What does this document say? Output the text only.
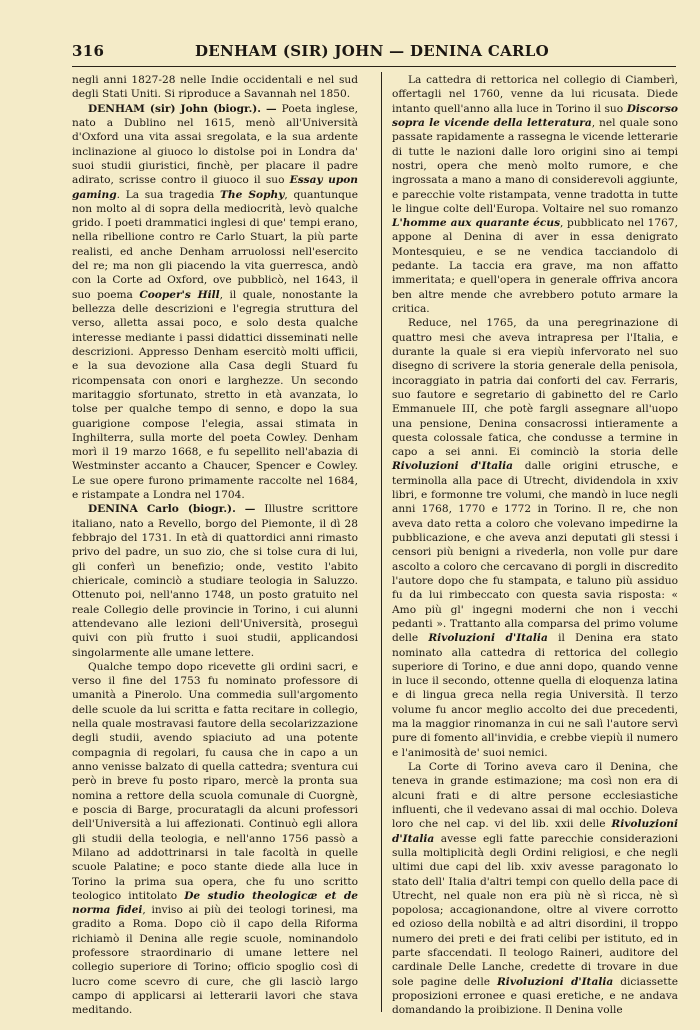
316	DENHAM (SIR) JOHN — DENINA CARLO

negli anni 1827-28 nelle Indie occidentali e nel sud degli Stati Uniti. Si riproduce a Savannah nel 1850.

DENHAM (sir) John (biogr.). — Poeta inglese, nato a Dublino nel 1615, menò all'Università d'Oxford una vita assai sregolata, e la sua ardente inclinazione al giuoco lo distolse poi in Londra da' suoi studii giuristici, finchè, per placare il padre adirato, scrisse contro il giuoco il suo Essay upon gaming. La sua tragedia The Sophy, quantunque non molto al di sopra della mediocrità, levò qualche grido. I poeti drammatici inglesi di que' tempi erano, nella ribellione contro re Carlo Stuart, la più parte realisti, ed anche Denham arruolossi nell'esercito del re; ma non gli piacendo la vita guerresca, andò con la Corte ad Oxford, ove pubblicò, nel 1643, il suo poema Cooper's Hill, il quale, nonostante la bellezza delle descrizioni e l'egregia struttura del verso, alletta assai poco, e solo desta qualche interesse mediante i passi didattici disseminati nelle descrizioni. Appresso Denham esercitò molti ufficii, e la sua devozione alla Casa degli Stuard fu ricompensata con onori e larghezze. Un secondo maritaggio sfortunato, stretto in età avanzata, lo tolse per qualche tempo di senno, e dopo la sua guarigione compose l'elegia, assai stimata in Inghilterra, sulla morte del poeta Cowley. Denham morì il 19 marzo 1668, e fu sepellito nell'abazia di Westminster accanto a Chaucer, Spencer e Cowley. Le sue opere furono primamente raccolte nel 1684, e ristampate a Londra nel 1704.

DENINA Carlo (biogr.). — Illustre scrittore italiano, nato a Revello, borgo del Piemonte, il dì 28 febbrajo del 1731. In età di quattordici anni rimasto privo del padre, un suo zio, che si tolse cura di lui, gli conferì un benefizio; onde, vestito l'abito chiericale, cominciò a studiare teologia in Saluzzo. Ottenuto poi, nell'anno 1748, un posto gratuito nel reale Collegio delle provincie in Torino, i cui alunni attendevano alle lezioni dell'Università, proseguì quivi con più frutto i suoi studii, applicandosi singolarmente alle umane lettere.

Qualche tempo dopo ricevette gli ordini sacri, e verso il fine del 1753 fu nominato professore di umanità a Pinerolo. Una commedia sull'argomento delle scuole da lui scritta e fatta recitare in collegio, nella quale mostravasi fautore della secolarizzazione degli studii, avendo spiaciuto ad una potente compagnia di regolari, fu causa che in capo a un anno venisse balzato di quella cattedra; sventura cui però in breve fu posto riparo, mercè la pronta sua nomina a rettore della scuola comunale di Cuorgnè, e poscia di Barge, procuratagli da alcuni professori dell'Università a lui affezionati. Continuò egli allora gli studii della teologia, e nell'anno 1756 passò a Milano ad addottrinarsi in tale facoltà in quelle scuole Palatine; e poco stante diede alla luce in Torino la prima sua opera, che fu uno scritto teologico intitolato De studio theologicæ et de norma fidei, inviso ai più dei teologi torinesi, ma gradito a Roma. Dopo ciò il capo della Riforma richiamò il Denina alle regie scuole, nominandolo professore straordinario di umane lettere nel collegio superiore di Torino; officio spoglio così di lucro come scevro di cure, che gli lasciò largo campo di applicarsi ai letterarii lavori che stava meditando.

La cattedra di rettorica nel collegio di Ciamberì, offertagli nel 1760, venne da lui ricusata. Diede intanto quell'anno alla luce in Torino il suo Discorso sopra le vicende della letteratura, nel quale sono passate rapidamente a rassegna le vicende letterarie di tutte le nazioni dalle loro origini sino ai tempi nostri, opera che menò molto rumore, e che ingrossata a mano a mano di considerevoli aggiunte, e parecchie volte ristampata, venne tradotta in tutte le lingue colte dell'Europa. Voltaire nel suo romanzo L'homme aux quarante écus, pubblicato nel 1767, appone al Denina di aver in essa denigrato Montesquieu, e se ne vendica tacciandolo di pedante. La taccia era grave, ma non affatto immeritata; e quell'opera in generale offriva ancora ben altre mende che avrebbero potuto armare la critica.

Reduce, nel 1765, da una peregrinazione di quattro mesi che aveva intrapresa per l'Italia, e durante la quale si era viepiù infervorato nel suo disegno di scrivere la storia generale della penisola, incoraggiato in patria dai conforti del cav. Ferraris, suo fautore e segretario di gabinetto del re Carlo Emmanuele III, che potè fargli assegnare all'uopo una pensione, Denina consacrossi intieramente a questa colossale fatica, che condusse a termine in capo a sei anni. Ei cominciò la storia delle Rivoluzioni d'Italia dalle origini etrusche, e terminolla alla pace di Utrecht, dividendola in xxiv libri, e formonne tre volumi, che mandò in luce negli anni 1768, 1770 e 1772 in Torino. Il re, che non aveva dato retta a coloro che volevano impedirne la pubblicazione, e che aveva anzi deputati gli stessi i censori più benigni a rivederla, non volle pur dare ascolto a coloro che cercavano di porgli in discredito l'autore dopo che fu stampata, e taluno più assiduo fu da lui rimbeccato con questa savia risposta: « Amo più gl' ingegni moderni che non i vecchi pedanti ». Trattanto alla comparsa del primo volume delle Rivoluzioni d'Italia il Denina era stato nominato alla cattedra di rettorica del collegio superiore di Torino, e due anni dopo, quando venne in luce il secondo, ottenne quella di eloquenza latina e di lingua greca nella regia Università. Il terzo volume fu ancor meglio accolto dei due precedenti, ma la maggior rinomanza in cui ne salì l'autore servì pure di fomento all'invidia, e crebbe viepiù il numero e l'animosità de' suoi nemici.

La Corte di Torino aveva caro il Denina, che teneva in grande estimazione; ma così non era di alcuni frati e di altre persone ecclesiastiche influenti, che il vedevano assai di mal occhio. Doleva loro che nel cap. vi del lib. xxii delle Rivoluzioni d'Italia avesse egli fatte parecchie considerazioni sulla moltiplicità degli Ordini religiosi, e che negli ultimi due capi del lib. xxiv avesse paragonato lo stato dell' Italia d'altri tempi con quello della pace di Utrecht, nel quale non era più nè sì ricca, nè sì popolosa; accagionandone, oltre al vivere corrotto ed ozioso della nobiltà e ad altri disordini, il troppo numero dei preti e dei frati celibi per istituto, ed in parte sfaccendati. Il teologo Raineri, auditore del cardinale Delle Lanche, credette di trovare in due sole pagine delle Rivoluzioni d'Italia diciassette proposizioni erronee e quasi eretiche, e ne andava domandando la proibizione. Il Denina volle
